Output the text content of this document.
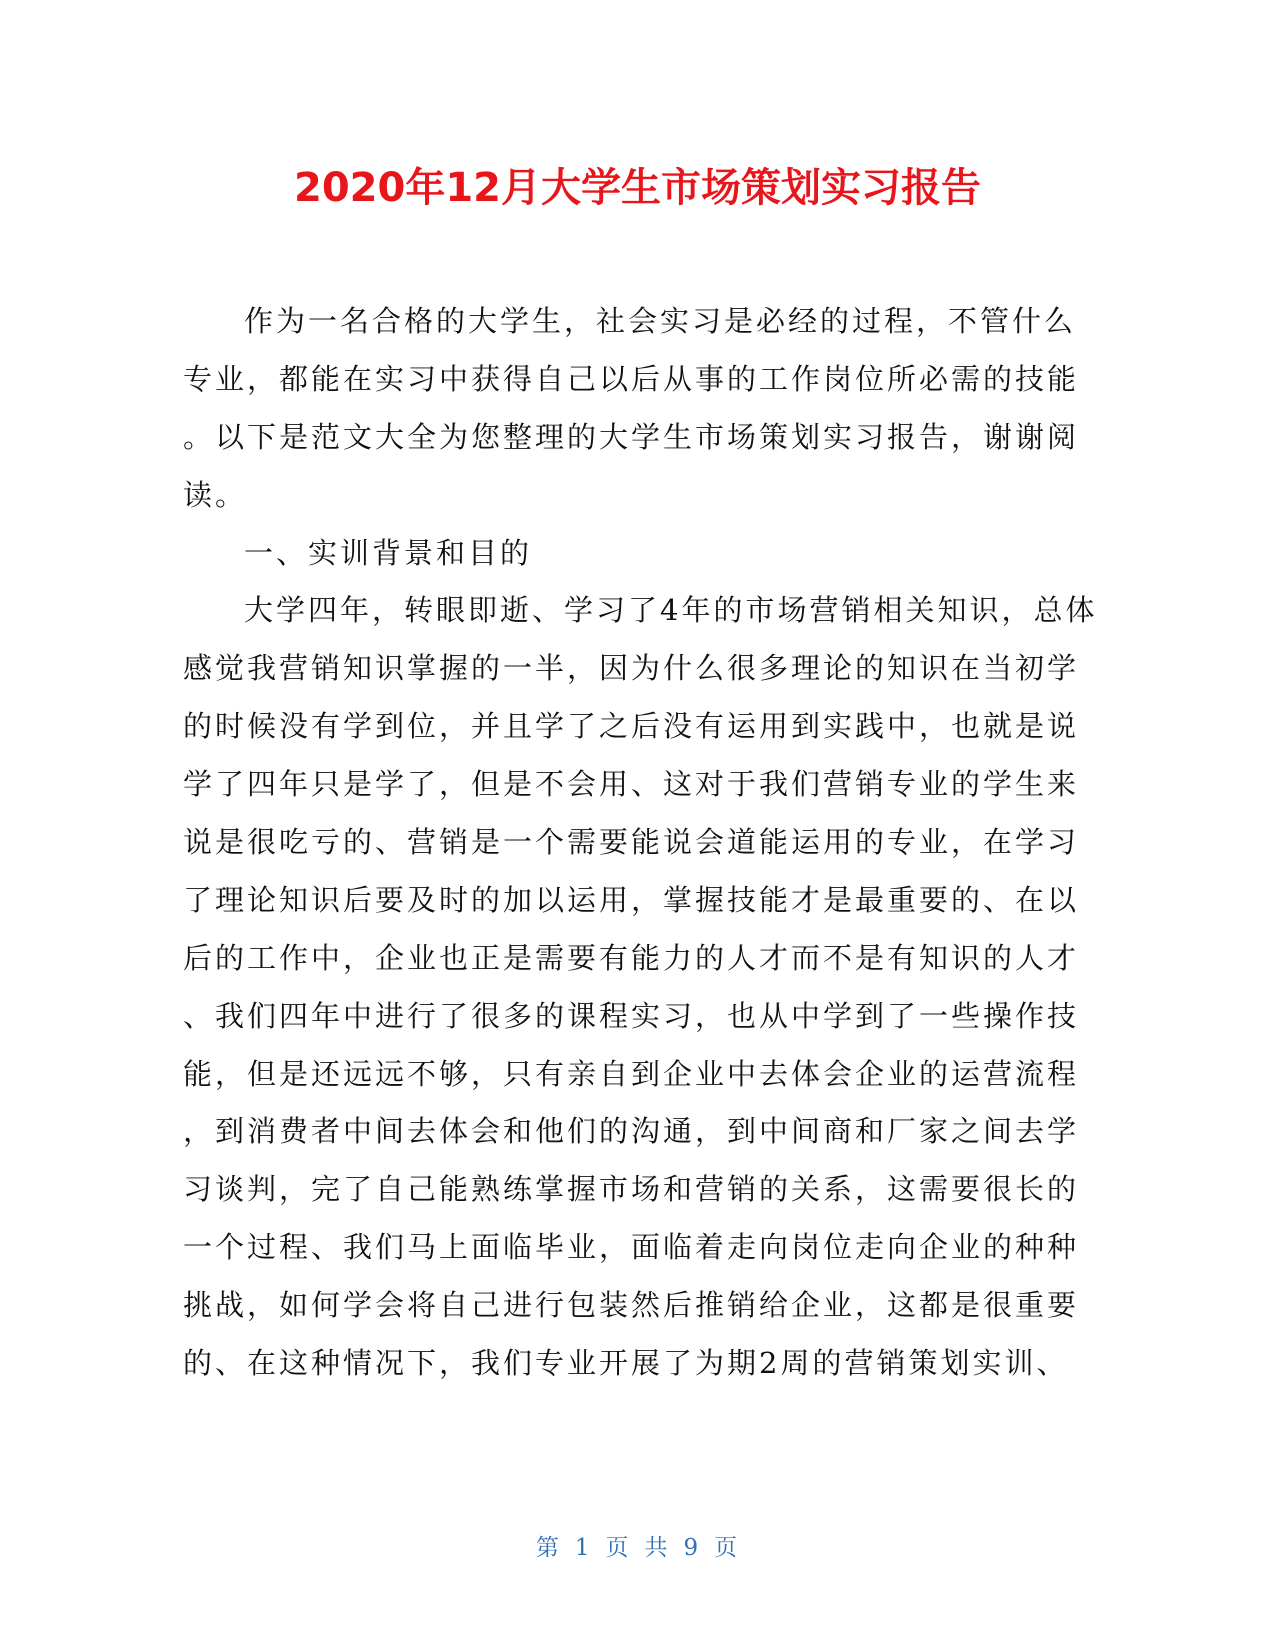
2020年12月大学生市场策划实习报告
作为一名合格的大学生，社会实习是必经的过程，不管什么
专业，都能在实习中获得自己以后从事的工作岗位所必需的技能
。以下是范文大全为您整理的大学生市场策划实习报告，谢谢阅
读。
一、实训背景和目的
大学四年，转眼即逝、学习了4年的市场营销相关知识，总体
感觉我营销知识掌握的一半，因为什么很多理论的知识在当初学
的时候没有学到位，并且学了之后没有运用到实践中，也就是说
学了四年只是学了，但是不会用、这对于我们营销专业的学生来
说是很吃亏的、营销是一个需要能说会道能运用的专业，在学习
了理论知识后要及时的加以运用，掌握技能才是最重要的、在以
后的工作中，企业也正是需要有能力的人才而不是有知识的人才
、我们四年中进行了很多的课程实习，也从中学到了一些操作技
能，但是还远远不够，只有亲自到企业中去体会企业的运营流程
，到消费者中间去体会和他们的沟通，到中间商和厂家之间去学
习谈判，完了自己能熟练掌握市场和营销的关系，这需要很长的
一个过程、我们马上面临毕业，面临着走向岗位走向企业的种种
挑战，如何学会将自己进行包装然后推销给企业，这都是很重要
的、在这种情况下，我们专业开展了为期2周的营销策划实训、
第 1 页 共 9 页
